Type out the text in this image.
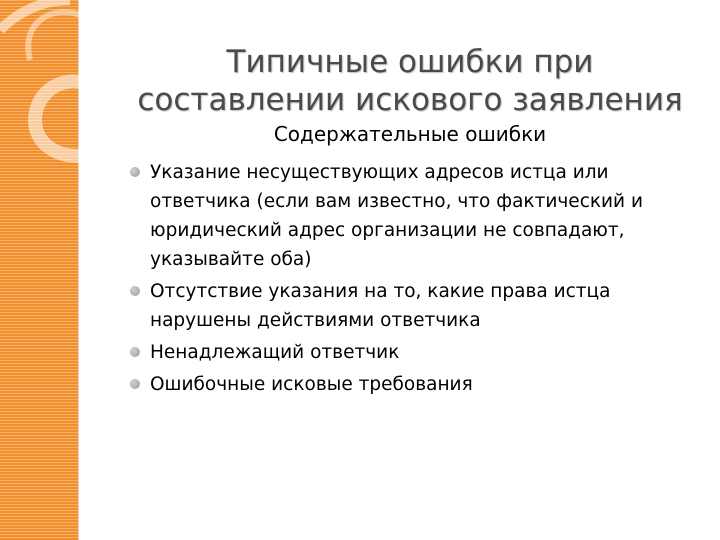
Типичные ошибки при
составлении искового заявления
Содержательные ошибки
Указание несуществующих адресов истца или ответчика (если вам известно, что фактический и юридический адрес организации не совпадают, указывайте оба)
Отсутствие указания на то, какие права истца нарушены действиями ответчика
Ненадлежащий ответчик
Ошибочные исковые требования
